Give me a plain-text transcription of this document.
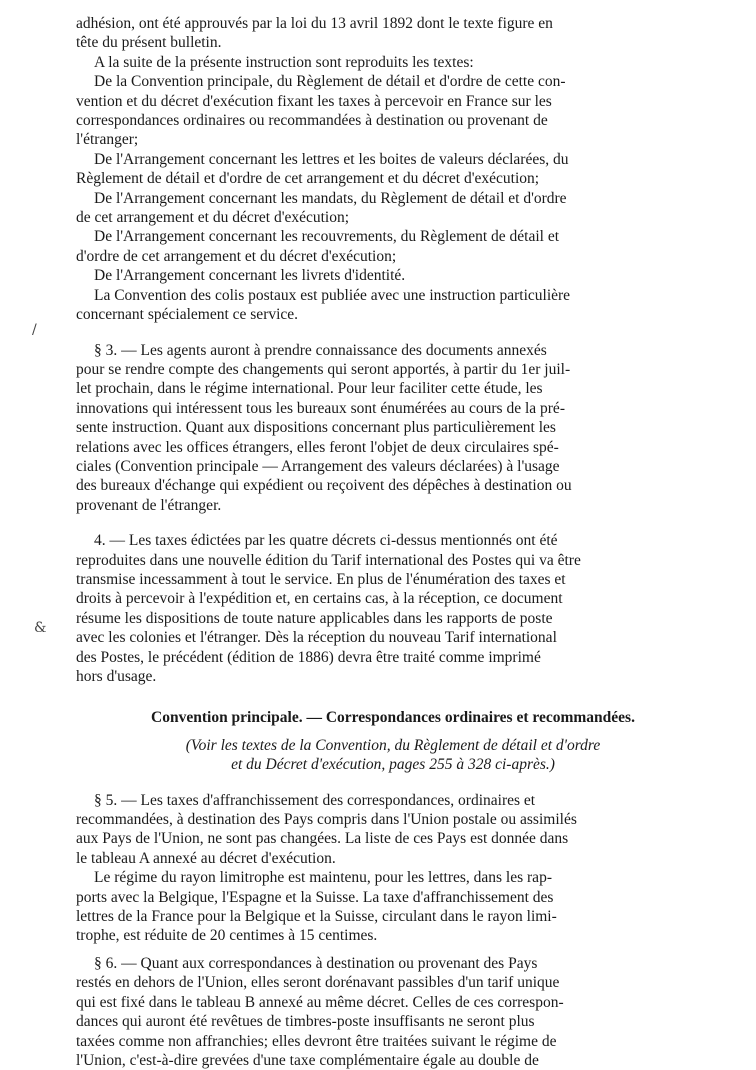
adhésion, ont été approuvés par la loi du 13 avril 1892 dont le texte figure en
tête du présent bulletin.
A la suite de la présente instruction sont reproduits les textes:
De la Convention principale, du Règlement de détail et d'ordre de cette con-
vention et du décret d'exécution fixant les taxes à percevoir en France sur les
correspondances ordinaires ou recommandées à destination ou provenant de
l'étranger;
De l'Arrangement concernant les lettres et les boites de valeurs déclarées, du
Règlement de détail et d'ordre de cet arrangement et du décret d'exécution;
De l'Arrangement concernant les mandats, du Règlement de détail et d'ordre
de cet arrangement et du décret d'exécution;
De l'Arrangement concernant les recouvrements, du Règlement de détail et
d'ordre de cet arrangement et du décret d'exécution;
De l'Arrangement concernant les livrets d'identité.
La Convention des colis postaux est publiée avec une instruction particulière
concernant spécialement ce service.
§ 3. — Les agents auront à prendre connaissance des documents annexés
pour se rendre compte des changements qui seront apportés, à partir du 1er juil-
let prochain, dans le régime international. Pour leur faciliter cette étude, les
innovations qui intéressent tous les bureaux sont énumérées au cours de la pré-
sente instruction. Quant aux dispositions concernant plus particulièrement les
relations avec les offices étrangers, elles feront l'objet de deux circulaires spé-
ciales (Convention principale — Arrangement des valeurs déclarées) à l'usage
des bureaux d'échange qui expédient ou reçoivent des dépêches à destination ou
provenant de l'étranger.
4. — Les taxes édictées par les quatre décrets ci-dessus mentionnés ont été
reproduites dans une nouvelle édition du Tarif international des Postes qui va être
transmise incessamment à tout le service. En plus de l'énumération des taxes et
droits à percevoir à l'expédition et, en certains cas, à la réception, ce document
résume les dispositions de toute nature applicables dans les rapports de poste
avec les colonies et l'étranger. Dès la réception du nouveau Tarif international
des Postes, le précédent (édition de 1886) devra être traité comme imprimé
hors d'usage.

Convention principale. — Correspondances ordinaires et recommandées.

(Voir les textes de la Convention, du Règlement de détail et d'ordre
et du Décret d'exécution, pages 255 à 328 ci-après.)
§ 5. — Les taxes d'affranchissement des correspondances, ordinaires et
recommandées, à destination des Pays compris dans l'Union postale ou assimilés
aux Pays de l'Union, ne sont pas changées. La liste de ces Pays est donnée dans
le tableau A annexé au décret d'exécution.
Le régime du rayon limitrophe est maintenu, pour les lettres, dans les rap-
ports avec la Belgique, l'Espagne et la Suisse. La taxe d'affranchissement des
lettres de la France pour la Belgique et la Suisse, circulant dans le rayon limi-
trophe, est réduite de 20 centimes à 15 centimes.
§ 6. — Quant aux correspondances à destination ou provenant des Pays
restés en dehors de l'Union, elles seront dorénavant passibles d'un tarif unique
qui est fixé dans le tableau B annexé au même décret. Celles de ces correspon-
dances qui auront été revêtues de timbres-poste insuffisants ne seront plus
taxées comme non affranchies; elles devront être traitées suivant le régime de
l'Union, c'est-à-dire grevées d'une taxe complémentaire égale au double de
/
&
